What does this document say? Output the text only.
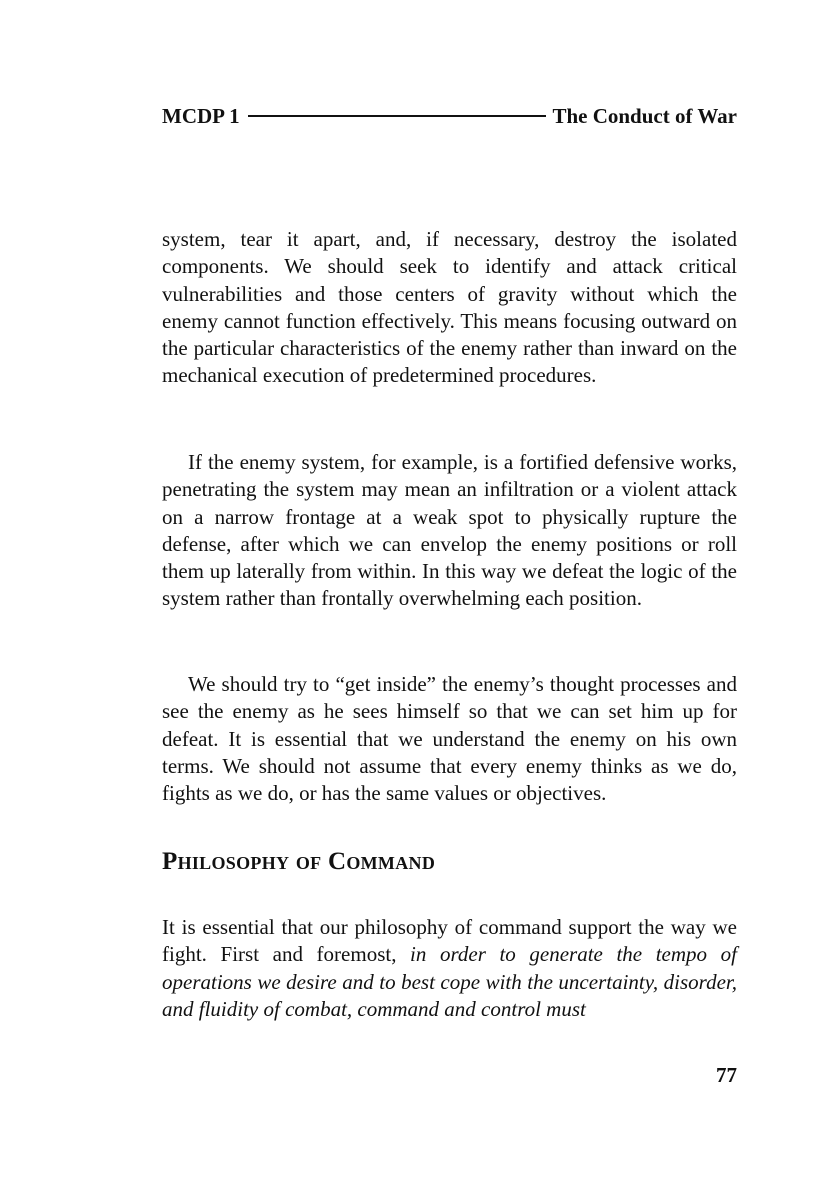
MCDP 1	The Conduct of War

system, tear it apart, and, if necessary, destroy the isolated components. We should seek to identify and attack critical vulnerabilities and those centers of gravity without which the enemy cannot function effectively. This means focusing outward on the particular characteristics of the enemy rather than inward on the mechanical execution of predetermined procedures.

If the enemy system, for example, is a fortified defensive works, penetrating the system may mean an infiltration or a violent attack on a narrow frontage at a weak spot to physically rupture the defense, after which we can envelop the enemy positions or roll them up laterally from within. In this way we defeat the logic of the system rather than frontally overwhelming each position.

We should try to “get inside” the enemy’s thought processes and see the enemy as he sees himself so that we can set him up for defeat. It is essential that we understand the enemy on his own terms. We should not assume that every enemy thinks as we do, fights as we do, or has the same values or objectives.

Philosophy of Command

It is essential that our philosophy of command support the way we fight. First and foremost, in order to generate the tempo of operations we desire and to best cope with the uncertainty, disorder, and fluidity of combat, command and control must

77
